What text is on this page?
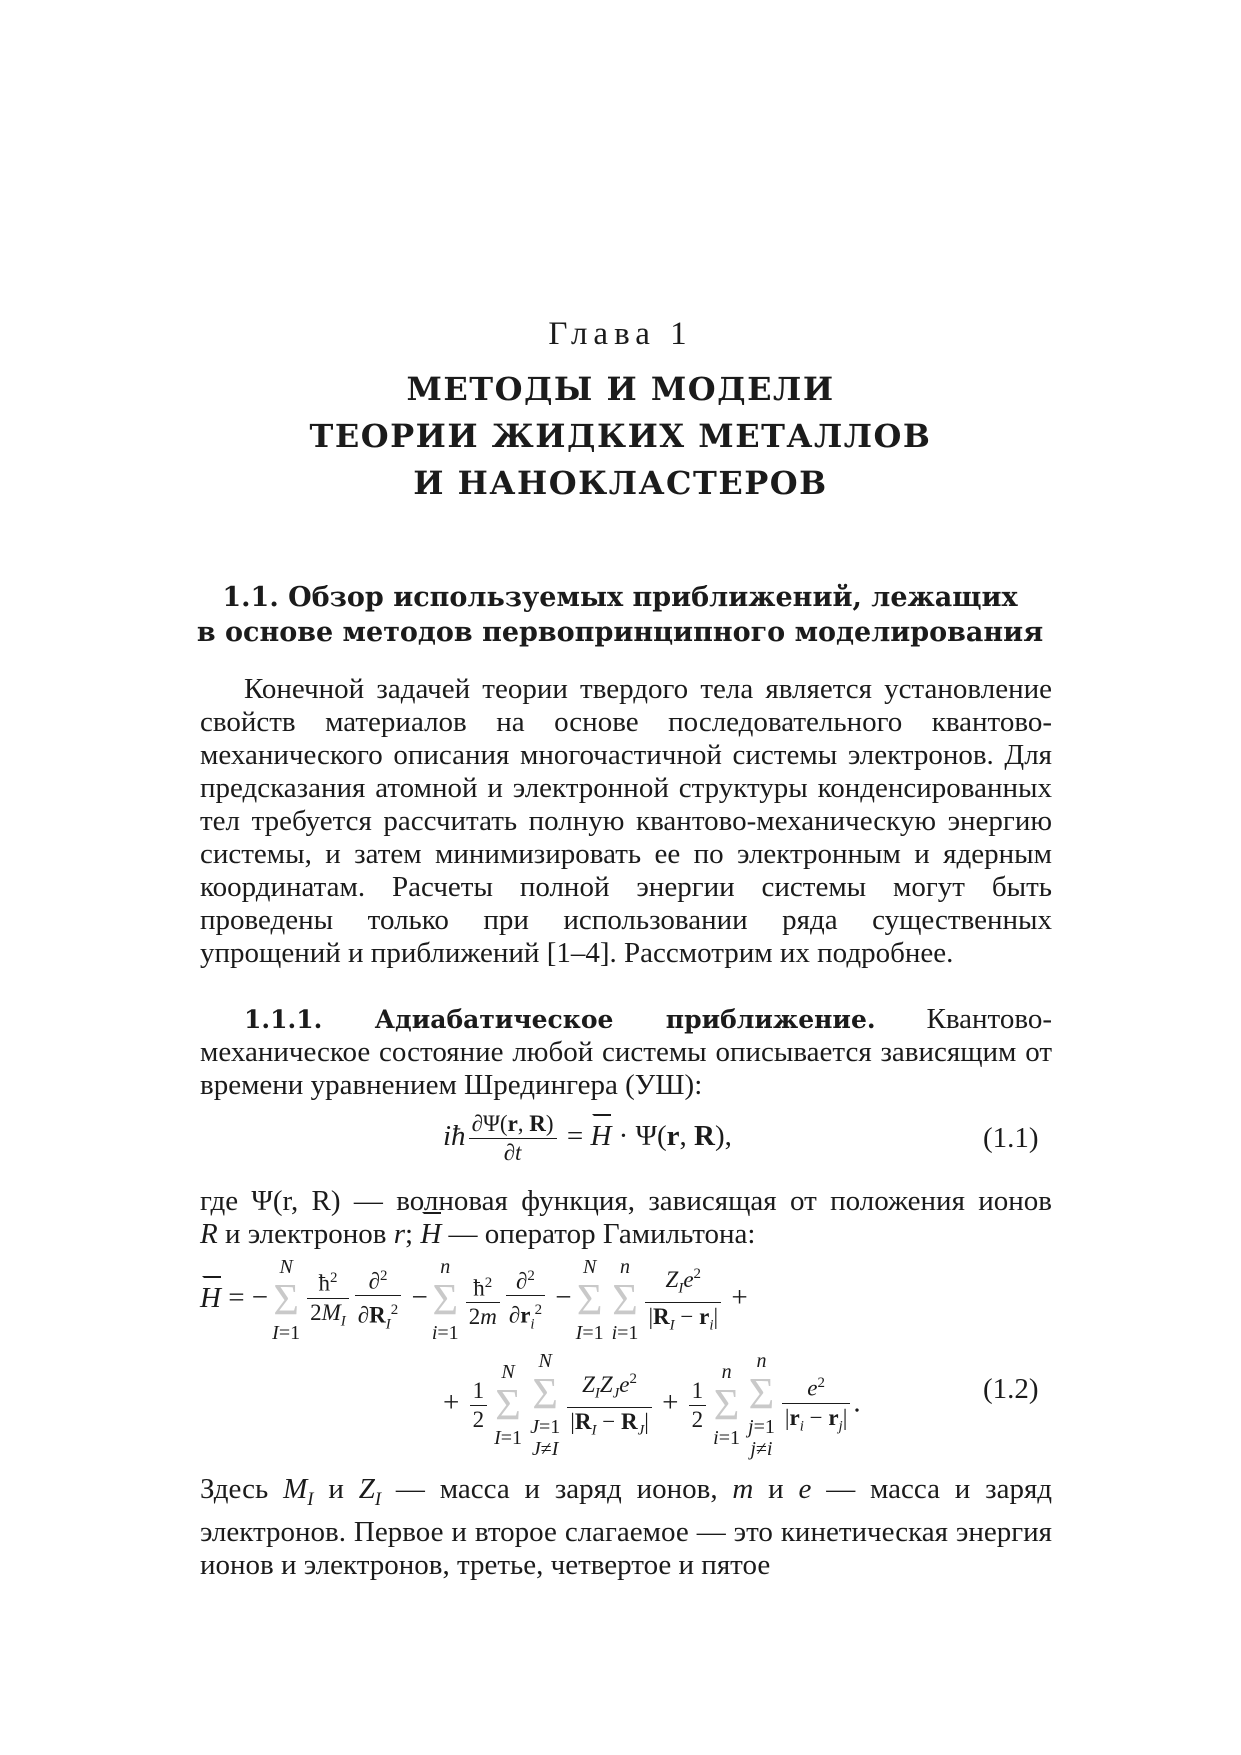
Глава 1
МЕТОДЫ И МОДЕЛИ
ТЕОРИИ ЖИДКИХ МЕТАЛЛОВ
И НАНОКЛАСТЕРОВ
1.1. Обзор используемых приближений, лежащих
в основе методов первопринципного моделирования
Конечной задачей теории твердого тела является установление свойств материалов на основе последовательного квантово-механического описания многочастичной системы электронов. Для предсказания атомной и электронной структуры конденсированных тел требуется рассчитать полную квантово-механическую энергию системы, и затем минимизировать ее по электронным и ядерным координатам. Расчеты полной энергии системы могут быть проведены только при использовании ряда существенных упрощений и приближений [1–4]. Рассмотрим их подробнее.
1.1.1. Адиабатическое приближение. Квантово-механическое состояние любой системы описывается зависящим от времени уравнением Шредингера (УШ):
iħ $\frac{\partial\Psi(r, R)}{\partial t} = H \cdot \Psi(r$, R),	(1.1)
где Ψ(r, R) — волновая функция, зависящая от положения ионов
R и электронов r; H — оператор Гамильтона:
H = −N
Σ
$I=1 \frac{ħ^2}{2M_I} \frac{\partial^2}{\partial R_I^2} -n$
Σ
i=1
$\frac{ħ^2}{2m} \frac{\partial^2}{\partial r_i^2} -N$
Σ
I=1
n
Σ
$i=1 \frac{Z_Ie^2}{|R_I - r_i|}$ +
+ $\frac{1}{2}$
N
Σ
I=1
N
Σ
J=1
J≠I
$\frac{Z_IZ_Je^2}{|R_I - R_J|} + \frac{1}{2}$
n
Σ
i=1
n
Σ
j=1
j≠i
$\frac{e^2}{|r_i - r_j|}$ .	(1.2)
Здесь $M_I$ и $Z_I$ — масса и заряд ионов, m и e — масса и заряд электронов. Первое и второе слагаемое — это кинетическая энергия ионов и электронов, третье, четвертое и пятое
